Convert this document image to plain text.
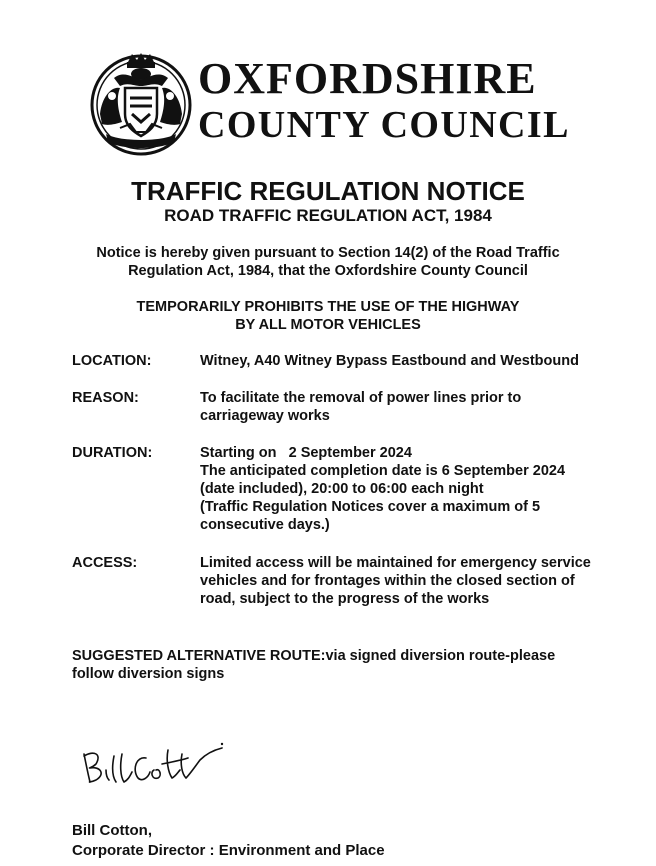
OXFORDSHIRE
COUNTY COUNCIL
TRAFFIC REGULATION NOTICE
ROAD TRAFFIC REGULATION ACT, 1984
Notice is hereby given pursuant to Section 14(2) of the Road Traffic
Regulation Act, 1984, that the Oxfordshire County Council
TEMPORARILY PROHIBITS THE USE OF THE HIGHWAY
BY ALL MOTOR VEHICLES
LOCATION:	Witney, A40 Witney Bypass Eastbound and Westbound
REASON:	To facilitate the removal of power lines prior to
carriageway works
DURATION:	Starting on   2 September 2024
The anticipated completion date is 6 September 2024
(date included), 20:00 to 06:00 each night
(Traffic Regulation Notices cover a maximum of 5
consecutive days.)
ACCESS:	Limited access will be maintained for emergency service
vehicles and for frontages within the closed section of
road, subject to the progress of the works
SUGGESTED ALTERNATIVE ROUTE:via signed diversion route-please
follow diversion signs
Bill Cotton,
Corporate Director : Environment and Place
